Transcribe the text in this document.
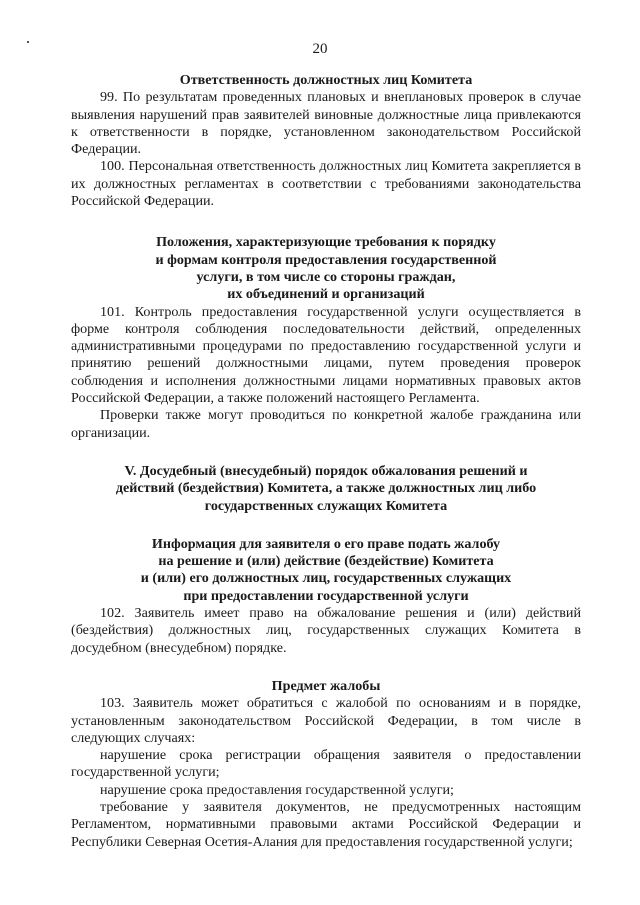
20
Ответственность должностных лиц Комитета
99. По результатам проведенных плановых и внеплановых проверок в случае выявления нарушений прав заявителей виновные должностные лица привлекаются к ответственности в порядке, установленном законодательством Российской Федерации.
100. Персональная ответственность должностных лиц Комитета закрепляется в их должностных регламентах в соответствии с требованиями законодательства Российской Федерации.
Положения, характеризующие требования к порядку
и формам контроля предоставления государственной
услуги, в том числе со стороны граждан,
их объединений и организаций
101. Контроль предоставления государственной услуги осуществляется в форме контроля соблюдения последовательности действий, определенных административными процедурами по предоставлению государственной услуги и принятию решений должностными лицами, путем проведения проверок соблюдения и исполнения должностными лицами нормативных правовых актов Российской Федерации, а также положений настоящего Регламента.
Проверки также могут проводиться по конкретной жалобе гражданина или организации.
V. Досудебный (внесудебный) порядок обжалования решений и
действий (бездействия) Комитета, а также должностных лиц либо
государственных служащих Комитета
Информация для заявителя о его праве подать жалобу
на решение и (или) действие (бездействие) Комитета
и (или) его должностных лиц, государственных служащих
при предоставлении государственной услуги
102. Заявитель имеет право на обжалование решения и (или) действий (бездействия) должностных лиц, государственных служащих Комитета в досудебном (внесудебном) порядке.
Предмет жалобы
103. Заявитель может обратиться с жалобой по основаниям и в порядке, установленным законодательством Российской Федерации, в том числе в следующих случаях:
нарушение срока регистрации обращения заявителя о предоставлении государственной услуги;
нарушение срока предоставления государственной услуги;
требование у заявителя документов, не предусмотренных настоящим Регламентом, нормативными правовыми актами Российской Федерации и Республики Северная Осетия-Алания для предоставления государственной услуги;
